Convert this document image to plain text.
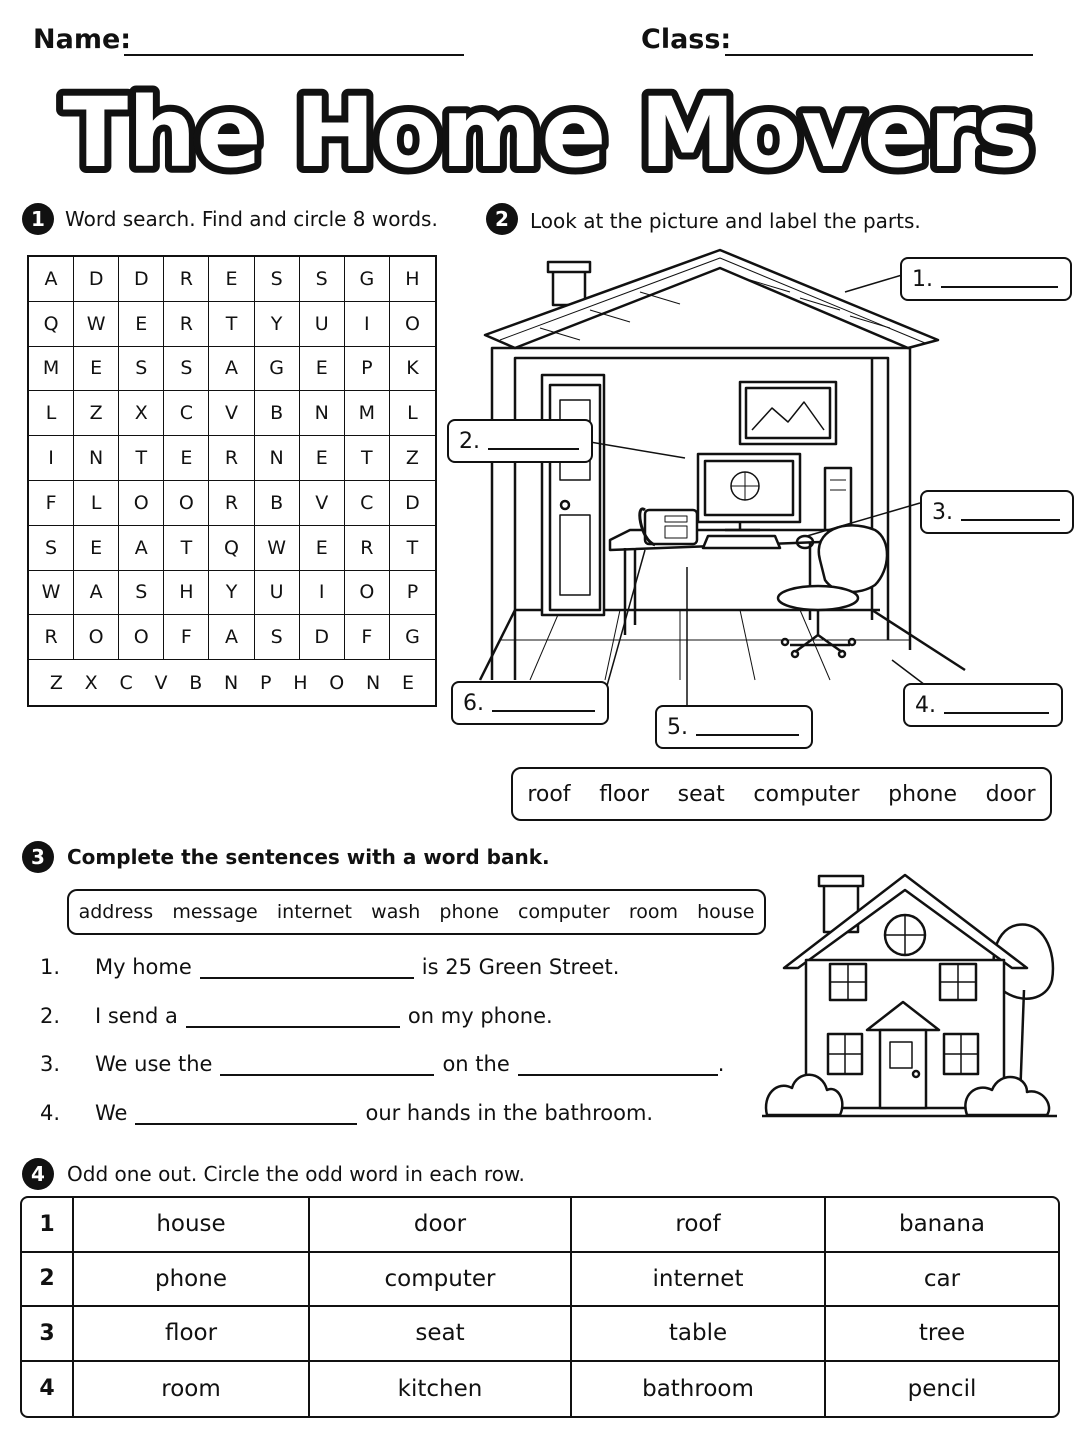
Name:	Class:
The Home Movers
1	Word search. Find and circle 8 words.
A	D	D	R	E	S	S	G	H
Q	W	E	R	T	Y	U	I	O
M	E	S	S	A	G	E	P	K
L	Z	X	C	V	B	N	M	L
I	N	T	E	R	N	E	T	Z
F	L	O	O	R	B	V	C	D
S	E	A	T	Q	W	E	R	T
W	A	S	H	Y	U	I	O	P
R	O	O	F	A	S	D	F	G
Z X C V B N P H O N E
2	Look at the picture and label the parts.
1.
2.
3.
4.
5.
6.
roof floor seat computer phone door
3	Complete the sentences with a word bank.
address message internet wash phone computer room house
1.	My home	is 25 Green Street.
2.	I send a	on my phone.
3.	We use the	on the	.
4.	We	our hands in the bathroom.
4	Odd one out. Circle the odd word in each row.
1	house	door	roof	banana
2	phone	computer	internet	car
3	floor	seat	table	tree
4	room	kitchen	bathroom	pencil
